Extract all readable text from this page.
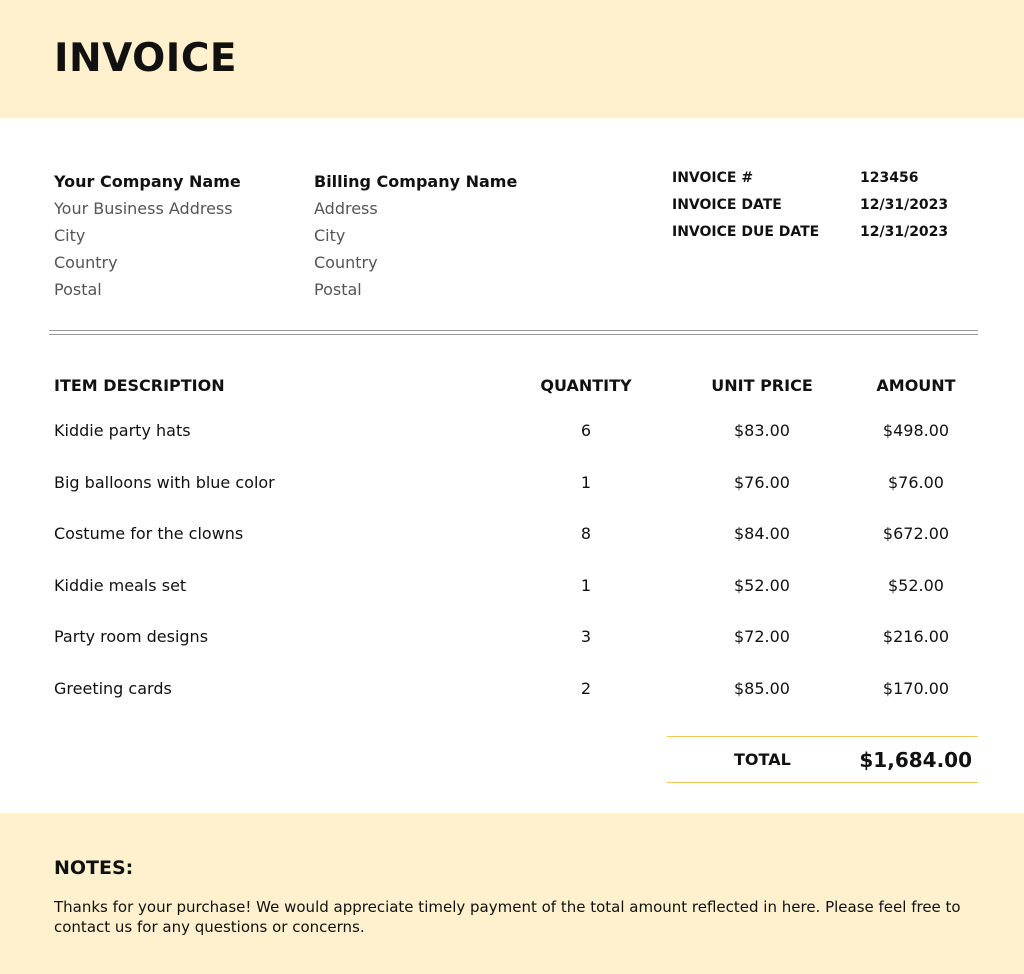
INVOICE
Your Company Name
Your Business Address
City
Country
Postal
Billing Company Name
Address
City
Country
Postal
INVOICE #	123456
INVOICE DATE	12/31/2023
INVOICE DUE DATE	12/31/2023
ITEM DESCRIPTION	QUANTITY	UNIT PRICE	AMOUNT
Kiddie party hats	6	$83.00	$498.00
Big balloons with blue color	1	$76.00	$76.00
Costume for the clowns	8	$84.00	$672.00
Kiddie meals set	1	$52.00	$52.00
Party room designs	3	$72.00	$216.00
Greeting cards	2	$85.00	$170.00
TOTAL	$1,684.00
NOTES:

Thanks for your purchase! We would appreciate timely payment of the total amount reflected in here. Please feel free to contact us for any questions or concerns.
